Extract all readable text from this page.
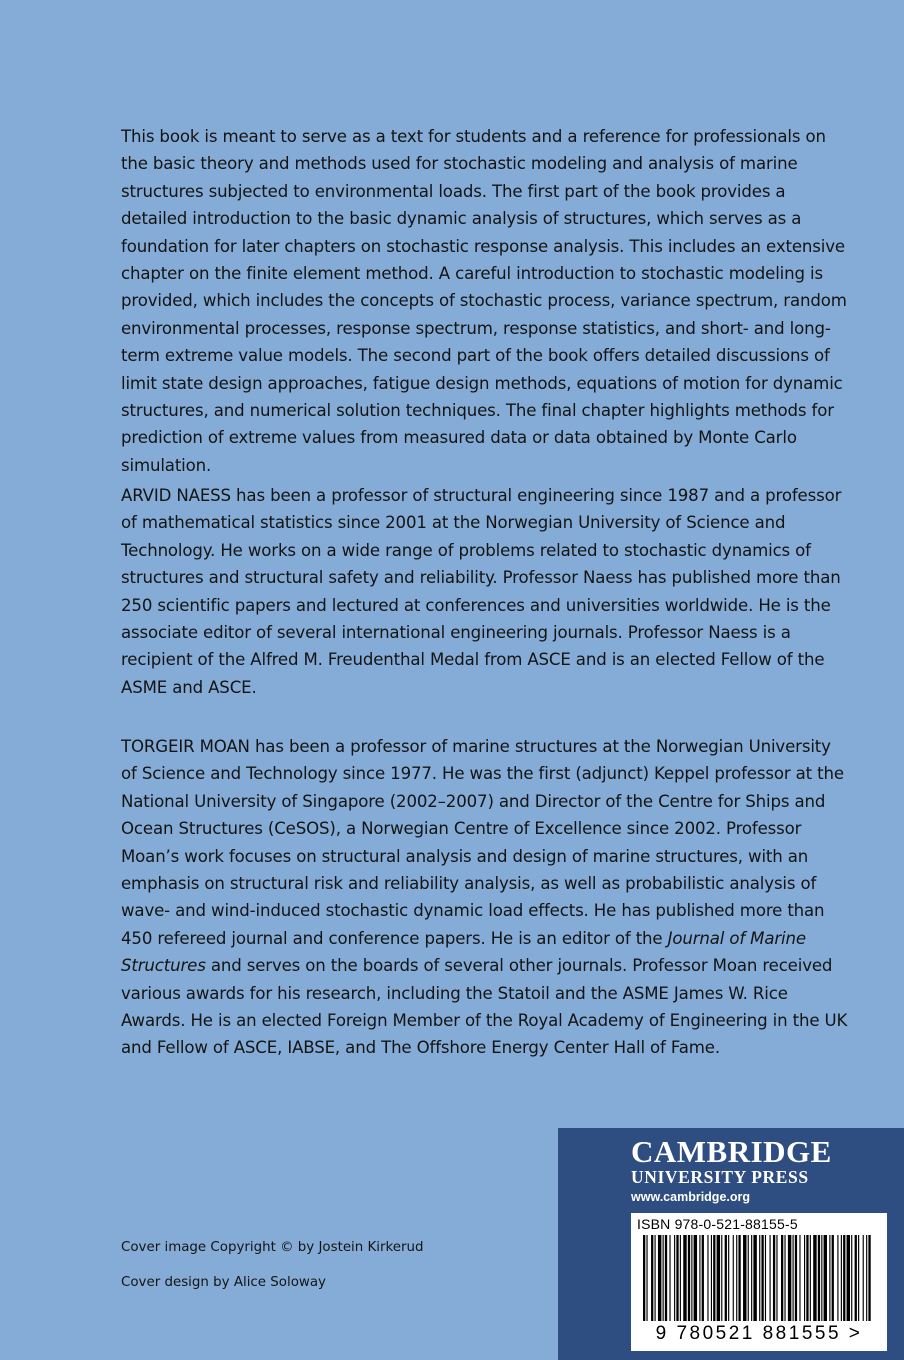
This book is meant to serve as a text for students and a reference for professionals on the basic theory and methods used for stochastic modeling and analysis of marine structures subjected to environmental loads. The first part of the book provides a detailed introduction to the basic dynamic analysis of structures, which serves as a foundation for later chapters on stochastic response analysis. This includes an extensive chapter on the finite element method. A careful introduction to stochastic modeling is provided, which includes the concepts of stochastic process, variance spectrum, random environmental processes, response spectrum, response statistics, and short- and long-term extreme value models. The second part of the book offers detailed discussions of limit state design approaches, fatigue design methods, equations of motion for dynamic structures, and numerical solution techniques. The final chapter highlights methods for prediction of extreme values from measured data or data obtained by Monte Carlo simulation.

ARVID NAESS has been a professor of structural engineering since 1987 and a professor of mathematical statistics since 2001 at the Norwegian University of Science and Technology. He works on a wide range of problems related to stochastic dynamics of structures and structural safety and reliability. Professor Naess has published more than 250 scientific papers and lectured at conferences and universities worldwide. He is the associate editor of several international engineering journals. Professor Naess is a recipient of the Alfred M. Freudenthal Medal from ASCE and is an elected Fellow of the ASME and ASCE.

TORGEIR MOAN has been a professor of marine structures at the Norwegian University of Science and Technology since 1977. He was the first (adjunct) Keppel professor at the National University of Singapore (2002–2007) and Director of the Centre for Ships and Ocean Structures (CeSOS), a Norwegian Centre of Excellence since 2002. Professor Moan’s work focuses on structural analysis and design of marine structures, with an emphasis on structural risk and reliability analysis, as well as probabilistic analysis of wave- and wind-induced stochastic dynamic load effects. He has published more than 450 refereed journal and conference papers. He is an editor of the Journal of Marine Structures and serves on the boards of several other journals. Professor Moan received various awards for his research, including the Statoil and the ASME James W. Rice Awards. He is an elected Foreign Member of the Royal Academy of Engineering in the UK and Fellow of ASCE, IABSE, and The Offshore Energy Center Hall of Fame.

Cover image Copyright © by Jostein Kirkerud

Cover design by Alice Soloway

CAMBRIDGE

UNIVERSITY PRESS

www.cambridge.org

ISBN 978-0-521-88155-5

9 780521 881555 >
